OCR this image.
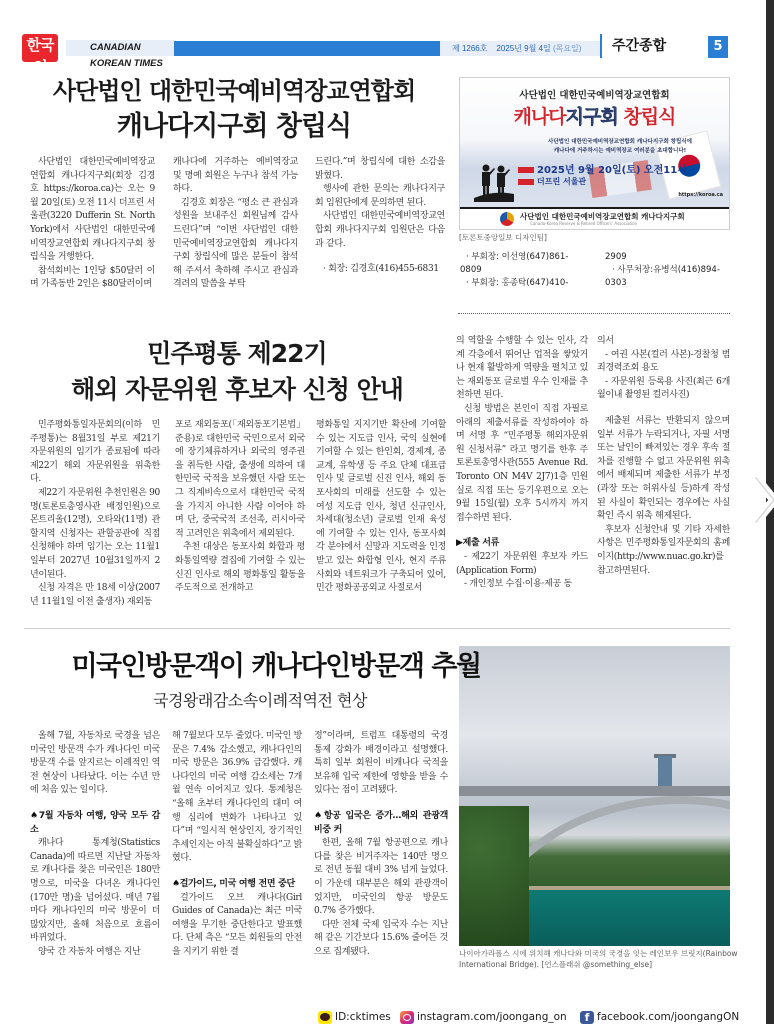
한국인
CANADIAN KOREAN TIMES
제 1266호 2025년 9월 4일 (목요일)	주간종합	5
사단법인 대한민국예비역장교연합회
캐나다지구회 창립식

사단법인 대한민국예비역장교연합회 캐나다지구회(회장 김경호 https://koroa.ca)는 오는 9월 20일(토) 오전 11시 더프린 서울관(3220 Dufferin St. North York)에서 사단법인 대한민국예비역장교연합회 캐나다지구회 창립식을 거행한다.

참석회비는 1인당 $50달러 이며 가족동반 2인은 $80달러이며

캐나다에 거주하는 예비역장교 및 명예 회원은 누구나 참석 가능하다.

김경호 회장은 “평소 큰 관심과 성원을 보내주신 회원님께 감사 드린다”며 “이번 사단법인 대한민국예비역장교연합회 캐나다지구회 창립식에 많은 분들이 참석해 주셔서 축하해 주시고 관심과 격려의 말씀을 부탁

드린다.”며 창립식에 대한 소감을 밝혔다.

행사에 관한 문의는 캐나다지구회 임원단에게 문의하면 된다.

사단법인 대한민국예비역장교연합회 캐나다지구회 임원단은 다음과 같다.

· 회장: 김경호(416)455-6831

사단법인 대한민국예비역장교연합회
캐나다지구회 창립식
사단법인 대한민국예비역장교연합회 캐나다지구회 창립식에
캐나다에 거주하시는 예비역장교 여러분을 초대합니다!
2025년 9월 20일(토) 오전11시
더프린 서울관
https://koroa.ca
사단법인 대한민국예비역장교연합회 캐나다지구회
Canada-Korea Reserve & Retired Officers' Association
[토론토중앙일보 디자인팀]
· 부회장: 이선영(647)861-
0809
· 부회장: 홍종탁(647)410-
2909
· 사무처장:유병석(416)894-
0303
민주평통 제22기
해외 자문위원 후보자 신청 안내

민주평화통일자문회의(이하 민주평통)는 8월31일 부로 제21기 자문위원의 임기가 종료됨에 따라 제22기 해외 자문위원을 위촉한다.

제22기 자문위원 추천인원은 90명(토론토총영사관 배정인원)으로 몬트리올(12명), 오타와(11명) 관할지역 신청자는 관할공관에 직접 신청해야 하며 임기는 오는 11월1일부터 2027년 10월31일까지 2년이된다.

신청 자격은 만 18세 이상(2007년 11월1일 이전 출생자) 재외동

포로 재외동포(「재외동포기본법」 준용)로 대한민국 국민으로서 외국에 장기체류하거나 외국의 영주권을 취득한 사람, 출생에 의하여 대한민국 국적을 보유했던 사람 또는 그 직계비속으로서 대한민국 국적을 가지지 아니한 사람 이어야 하며 단, 중국국적 조선족, 러시아국적 고려인은 위촉에서 제외된다.

추천 대상은 동포사회 화합과 평화통일역량 결집에 기여할 수 있는 신진 인사로 해외 평화통일 활동을 주도적으로 전개하고

평화통일 지지기반 확산에 기여할 수 있는 지도급 인사, 국익 실현에 기여할 수 있는 한인회, 경제계, 종교계, 유학생 등 주요 단체 대표급 인사 및 글로벌 신진 인사, 해외 동포사회의 미래를 선도할 수 있는 여성 지도급 인사, 청년 신규인사, 차세대(청소년) 글로벌 인재 육성에 기여할 수 있는 인사, 동포사회 각 분야에서 신망과 지도력을 인정 받고 있는 화합형 인사, 현지 주류사회와 네트워크가 구축되어 있어, 민간 평화공공외교 사절로서

의 역할을 수행할 수 있는 인사, 각계 각층에서 뛰어난 업적을 쌓았거나 현재 활발하게 역량을 펼치고 있는 재외동포 글로벌 우수 인재를 추천하면 된다.

신청 방법은 본인이 직접 자필로 아래의 제출서류를 작성하여야 하며 서명 후 “민주평통 해외자문위원 신청서류” 라고 명기를 한후 주토론토총영사관(555 Avenue Rd. Toronto ON M4V 2J7)1층 민원실로 직접 또는 등기우편으로 오는 9월 15일(월) 오후 5시까지 까지 접수하면 된다.

▶제출 서류

- 제22기 자문위원 후보자 카드(Application Form)

- 개인정보 수집·이용·제공 동

의서

- 여권 사본(컬러 사본)-경찰청 범죄경력조회 용도

- 자문위원 등록용 사진(최근 6개월이내 촬영된 컬러사진)

제출된 서류는 반환되지 않으며 일부 서류가 누락되거나, 자필 서명 또는 날인이 빠져있는 경우 후속 절차를 진행할 수 없고 자문위원 위촉에서 배제되며 제출한 서류가 부정(과장 또는 허위사실 등)하게 작성된 사실이 확인되는 경우에는 사실 확인 즉시 위촉 해제된다.

후보자 신청안내 및 기타 자세한 사항은 민주평화통일자문회의 홈페이지(http://www.nuac.go.kr)를 참고하면된다.

미국인방문객이 캐나다인방문객 추월
국경왕래감소속이례적역전 현상

올해 7월, 자동차로 국경을 넘은 미국인 방문객 수가 캐나다인 미국 방문객 수를 앞지르는 이례적인 역전 현상이 나타났다. 이는 수년 만에 처음 있는 일이다.

♠7월 자동차 여행, 양국 모두 감소

캐나다 통계청(Statistics Canada)에 따르면 지난달 자동차로 캐나다를 찾은 미국인은 180만 명으로, 미국을 다녀온 캐나다인(170만 명)을 넘어섰다. 매년 7월마다 캐나다인의 미국 방문이 더 많았지만, 올해 처음으로 흐름이 바뀌었다.

양국 간 자동차 여행은 지난

해 7월보다 모두 줄었다. 미국인 방문은 7.4% 감소했고, 캐나다인의 미국 방문은 36.9% 급감했다. 캐나다인의 미국 여행 감소세는 7개월 연속 이어지고 있다. 통계청은 “올해 초부터 캐나다인의 대미 여행 심리에 변화가 나타나고 있다”며 “일시적 현상인지, 장기적인 추세인지는 아직 불확실하다”고 밝혔다.

♠걸가이드, 미국 여행 전면 중단

걸가이드 오브 캐나다(Girl Guides of Canada)는 최근 미국 여행을 무기한 중단한다고 발표했다. 단체 측은 “모든 회원들의 안전을 지키기 위한 결

정”이라며, 트럼프 대통령의 국경 통제 강화가 배경이라고 설명했다. 특히 일부 회원이 비캐나다 국적을 보유해 입국 제한에 영향을 받을 수 있다는 점이 고려됐다.

♠항공 입국은 증가…해외 관광객 비중 커

한편, 올해 7월 항공편으로 캐나다를 찾은 비거주자는 140만 명으로 전년 동월 대비 3% 넘게 늘었다. 이 가운데 대부분은 해외 관광객이었지만, 미국인의 항공 방문도 0.7% 증가했다.

다만 전체 국제 입국자 수는 지난해 같은 기간보다 15.6% 줄어든 것으로 집계됐다.	나이아가라폴스 시에 위치해 캐나다와 미국의 국경을 잇는 레인보우 브릿지(Rainbow International Bridge). [언스플래쉬 @something_else]
ID:cktimes	instagram.com/joongang_on	f facebook.com/joongangON
